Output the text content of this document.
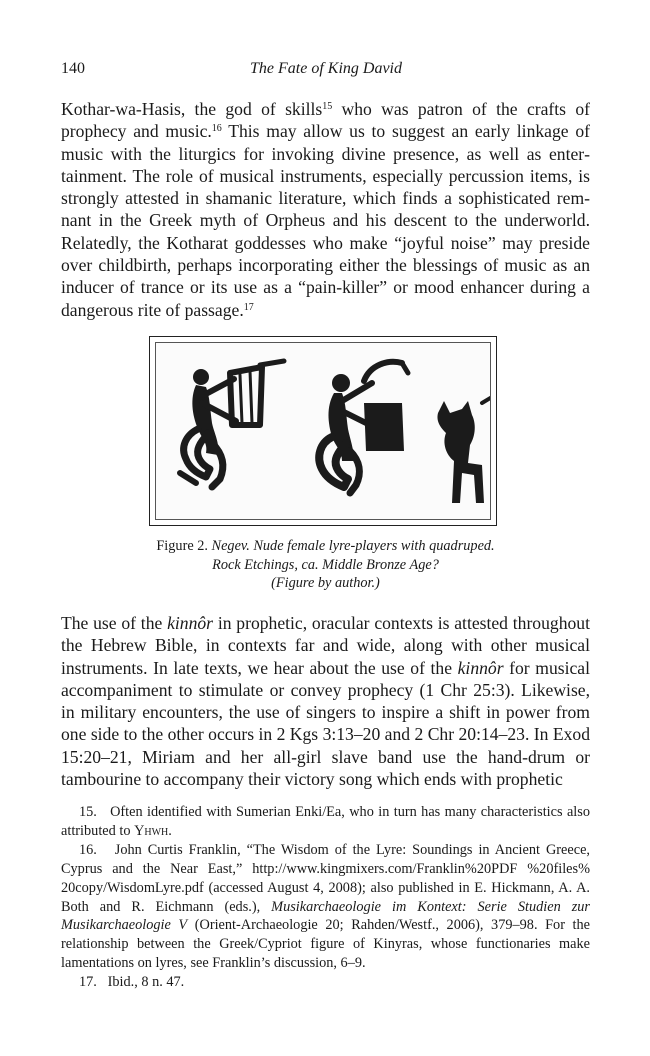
140	The Fate of King David

Kothar-wa-Hasis, the god of skills$^{15}$ who was patron of the crafts of prophecy and music.$^{16}$ This may allow us to suggest an early linkage of music with the liturgics for invoking divine presence, as well as entertainment. The role of musical instruments, especially percussion items, is strongly attested in shamanic literature, which finds a sophisticated remnant in the Greek myth of Orpheus and his descent to the underworld. Relatedly, the Kotharat goddesses who make “joyful noise” may preside over childbirth, perhaps incorporating either the blessings of music as an inducer of trance or its use as a “pain-killer” or mood enhancer during a dangerous rite of passage.$^{17}$

Figure 2. Negev. Nude female lyre-players with quadruped.
Rock Etchings, ca. Middle Bronze Age?
(Figure by author.)

The use of the kinnôr in prophetic, oracular contexts is attested throughout the Hebrew Bible, in contexts far and wide, along with other musical instruments. In late texts, we hear about the use of the kinnôr for musical accompaniment to stimulate or convey prophecy (1 Chr 25:3). Likewise, in military encounters, the use of singers to inspire a shift in power from one side to the other occurs in 2 Kgs 3:13–20 and 2 Chr 20:14–23. In Exod 15:20–21, Miriam and her all-girl slave band use the hand-drum or tambourine to accompany their victory song which ends with prophetic

15. Often identified with Sumerian Enki/Ea, who in turn has many characteristics also attributed to Yhwh.

16. John Curtis Franklin, “The Wisdom of the Lyre: Soundings in Ancient Greece, Cyprus and the Near East,” http://www.kingmixers.com/Franklin%20PDF %20files% 20copy/WisdomLyre.pdf (accessed August 4, 2008); also published in E. Hickmann, A. A. Both and R. Eichmann (eds.), Musikarchaeologie im Kontext: Serie Studien zur Musikarchaeologie V (Orient-Archaeologie 20; Rahden/Westf., 2006), 379–98. For the relationship between the Greek/Cypriot figure of Kinyras, whose functionaries make lamentations on lyres, see Franklin’s discussion, 6–9.

17. Ibid., 8 n. 47.
